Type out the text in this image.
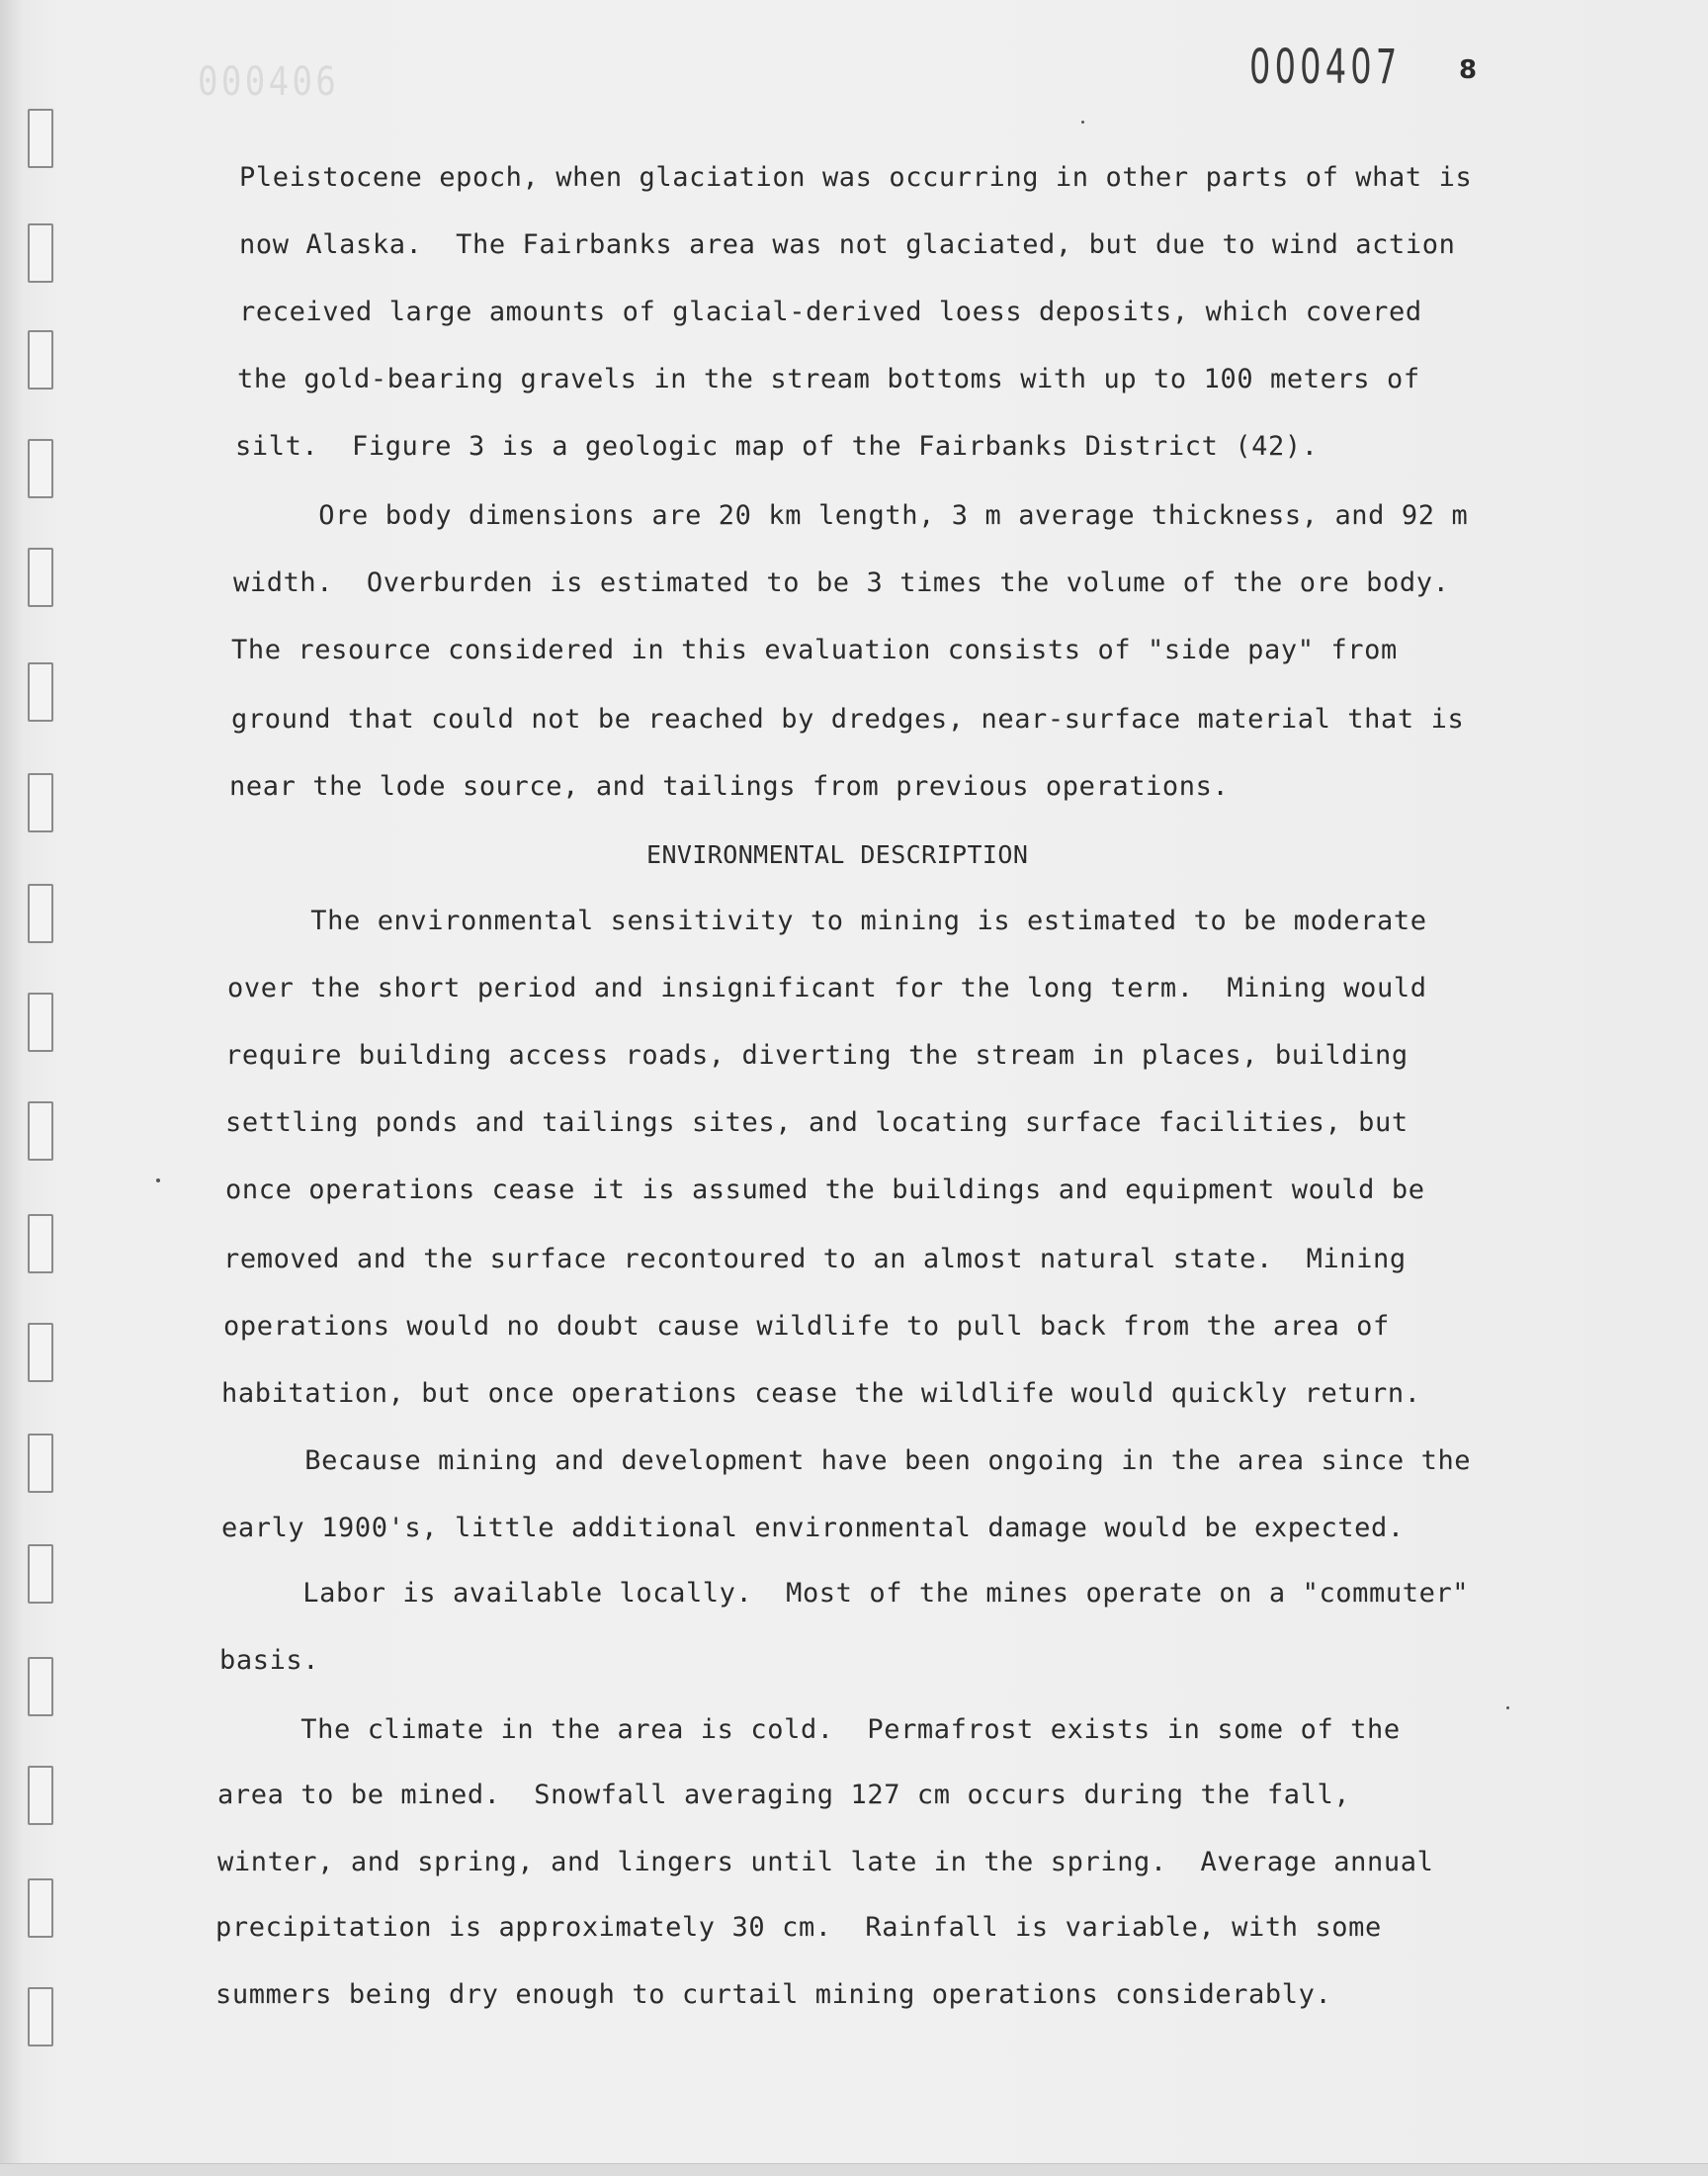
000406	000407 8
Pleistocene epoch, when glaciation was occurring in other parts of what is
now Alaska.  The Fairbanks area was not glaciated, but due to wind action
received large amounts of glacial-derived loess deposits, which covered
the gold-bearing gravels in the stream bottoms with up to 100 meters of
silt.  Figure 3 is a geologic map of the Fairbanks District (42).
Ore body dimensions are 20 km length, 3 m average thickness, and 92 m
width.  Overburden is estimated to be 3 times the volume of the ore body.
The resource considered in this evaluation consists of "side pay" from
ground that could not be reached by dredges, near-surface material that is
near the lode source, and tailings from previous operations.
ENVIRONMENTAL DESCRIPTION
The environmental sensitivity to mining is estimated to be moderate
over the short period and insignificant for the long term.  Mining would
require building access roads, diverting the stream in places, building
settling ponds and tailings sites, and locating surface facilities, but
once operations cease it is assumed the buildings and equipment would be
removed and the surface recontoured to an almost natural state.  Mining
operations would no doubt cause wildlife to pull back from the area of
habitation, but once operations cease the wildlife would quickly return.
Because mining and development have been ongoing in the area since the
early 1900's, little additional environmental damage would be expected.
Labor is available locally.  Most of the mines operate on a "commuter"
basis.
The climate in the area is cold.  Permafrost exists in some of the
area to be mined.  Snowfall averaging 127 cm occurs during the fall,
winter, and spring, and lingers until late in the spring.  Average annual
precipitation is approximately 30 cm.  Rainfall is variable, with some
summers being dry enough to curtail mining operations considerably.
